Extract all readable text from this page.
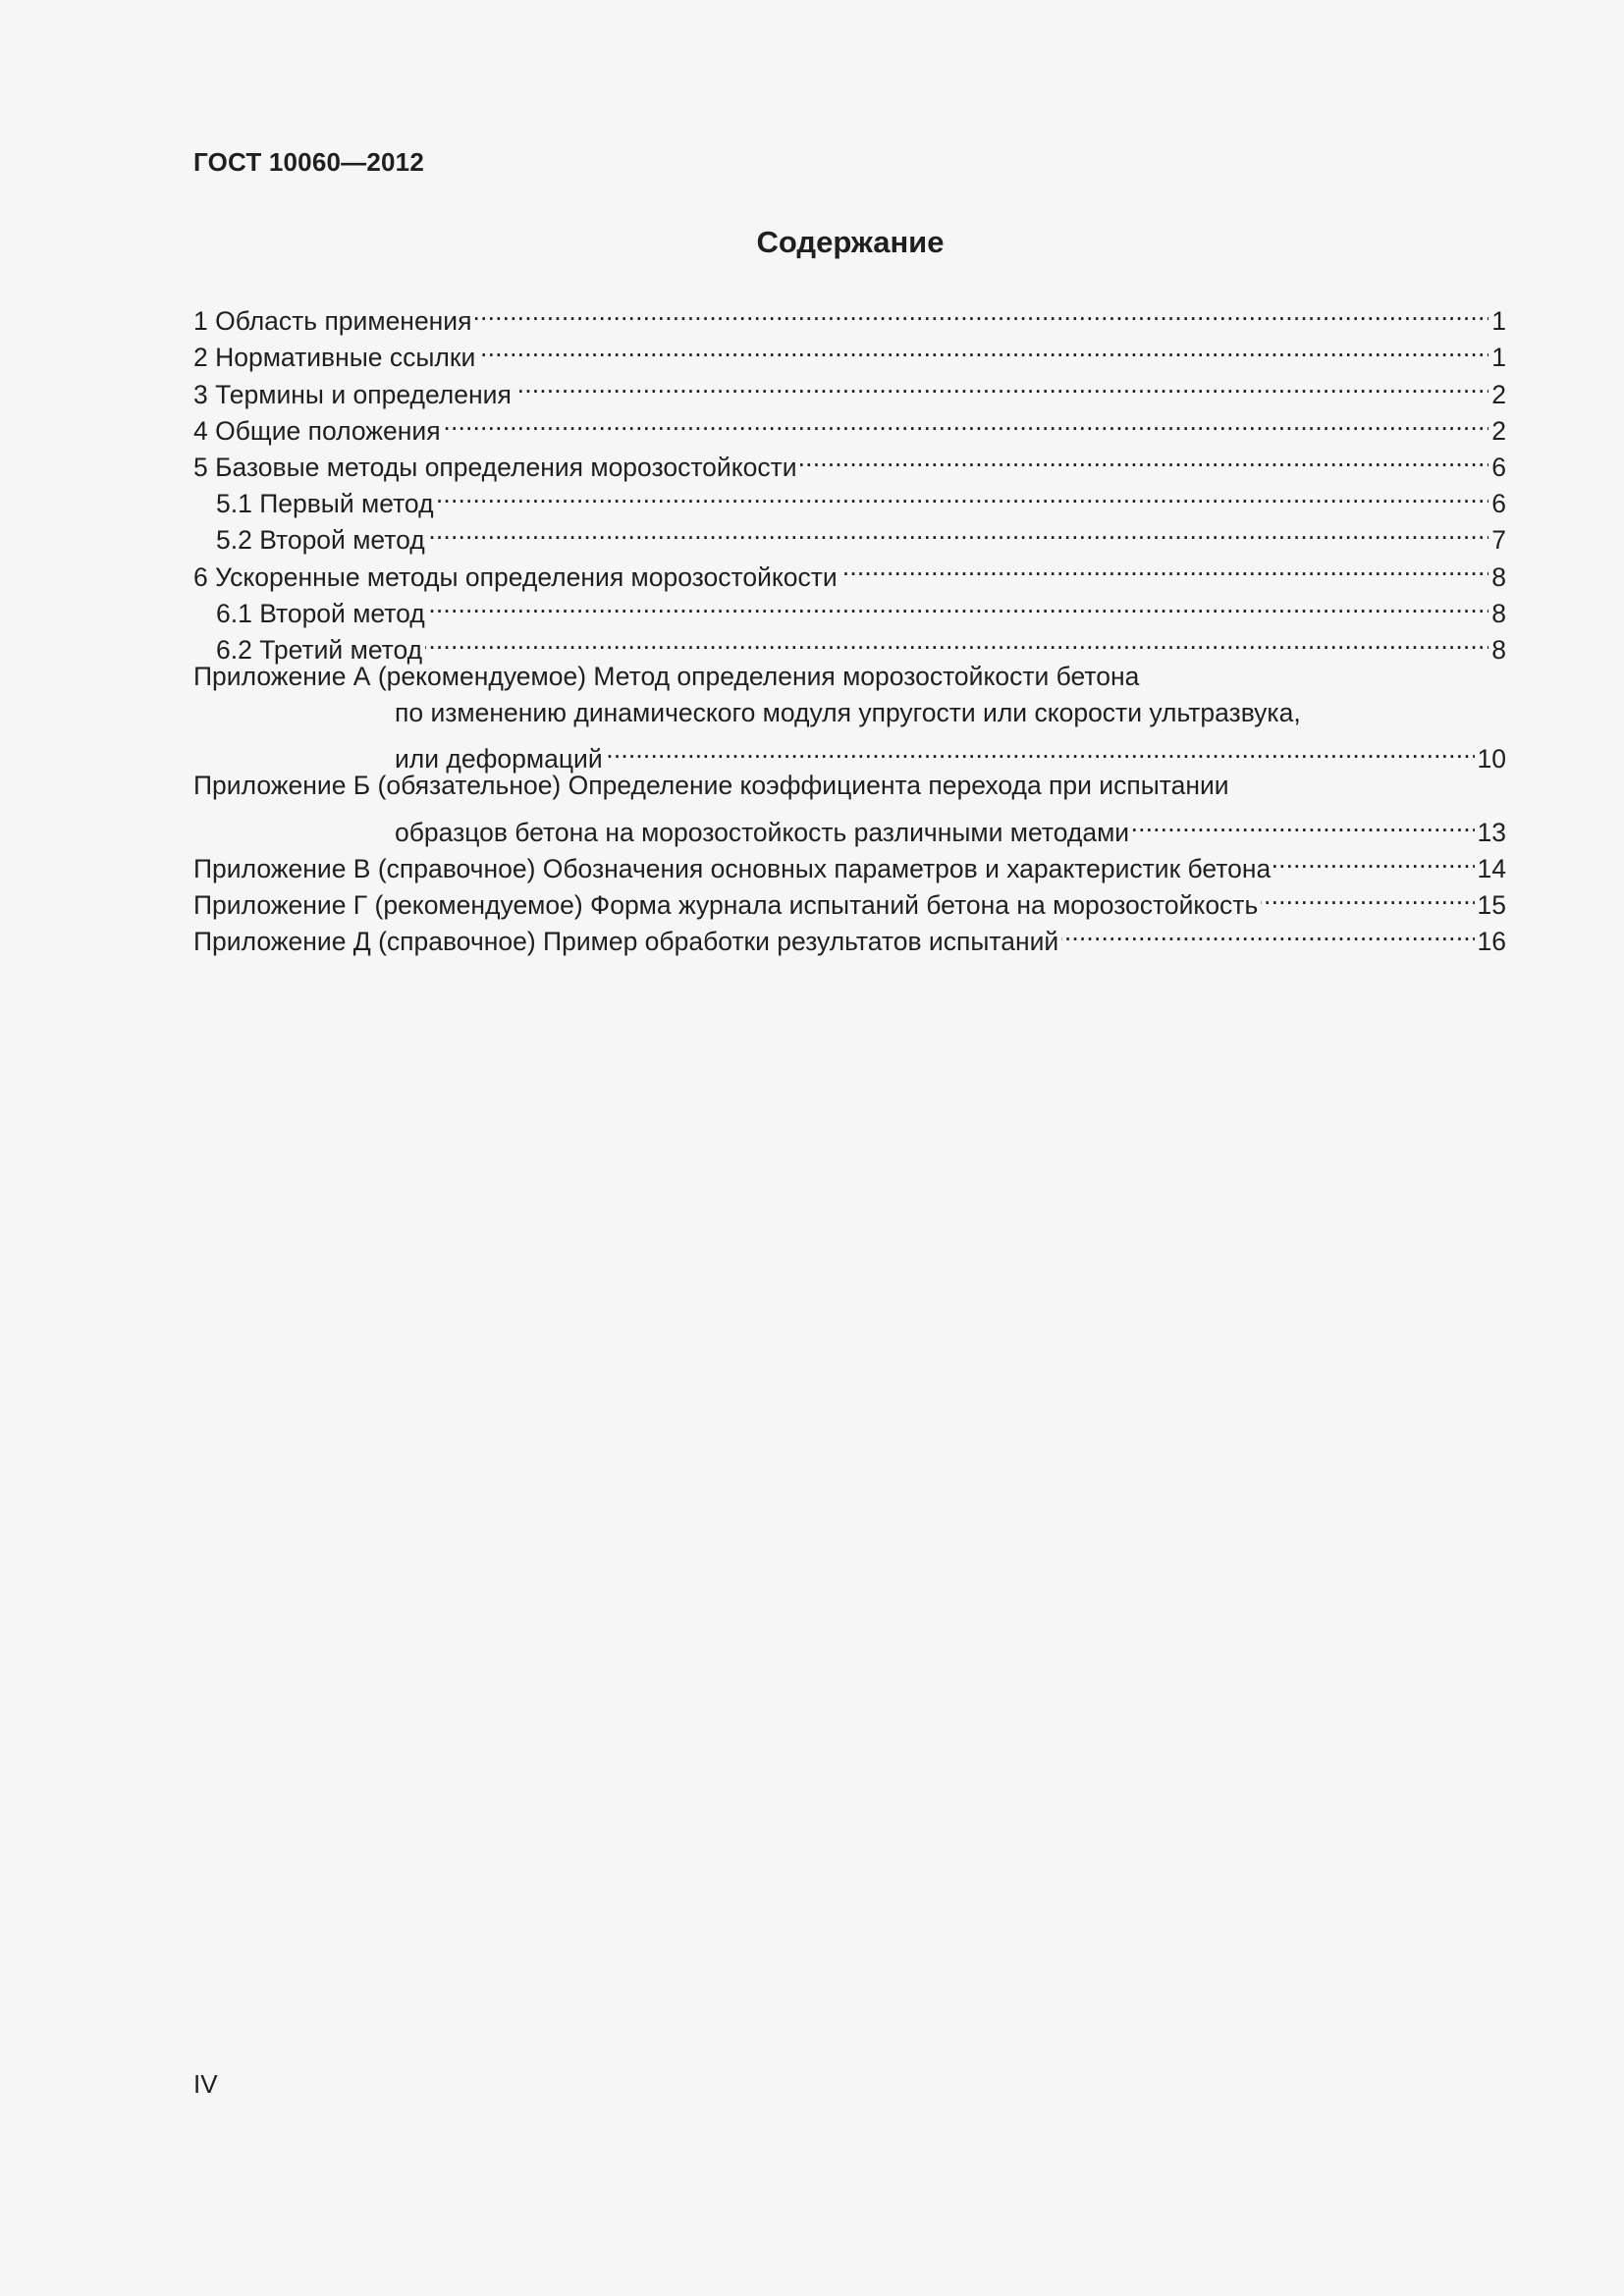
ГОСТ 10060—2012
Содержание
1 Область применения . . .	1
2 Нормативные ссылки . . .	1
3 Термины и определения . . .	2
4 Общие положения . . .	2
5 Базовые методы определения морозостойкости . . .	6
5.1 Первый метод . . .	6
5.2 Второй метод . . .	7
6 Ускоренные методы определения морозостойкости . . .	8
6.1 Второй метод . . .	8
6.2 Третий метод . . .	8
Приложение А (рекомендуемое) Метод определения морозостойкости бетона
по изменению динамического модуля упругости или скорости ультразвука,
или деформаций . . .	10
Приложение Б (обязательное) Определение коэффициента перехода при испытании
образцов бетона на морозостойкость различными методами . . .	13
Приложение В (справочное) Обозначения основных параметров и характеристик бетона . . .	14
Приложение Г (рекомендуемое) Форма журнала испытаний бетона на морозостойкость . . .	15
Приложение Д (справочное) Пример обработки результатов испытаний . . .	16
IV
